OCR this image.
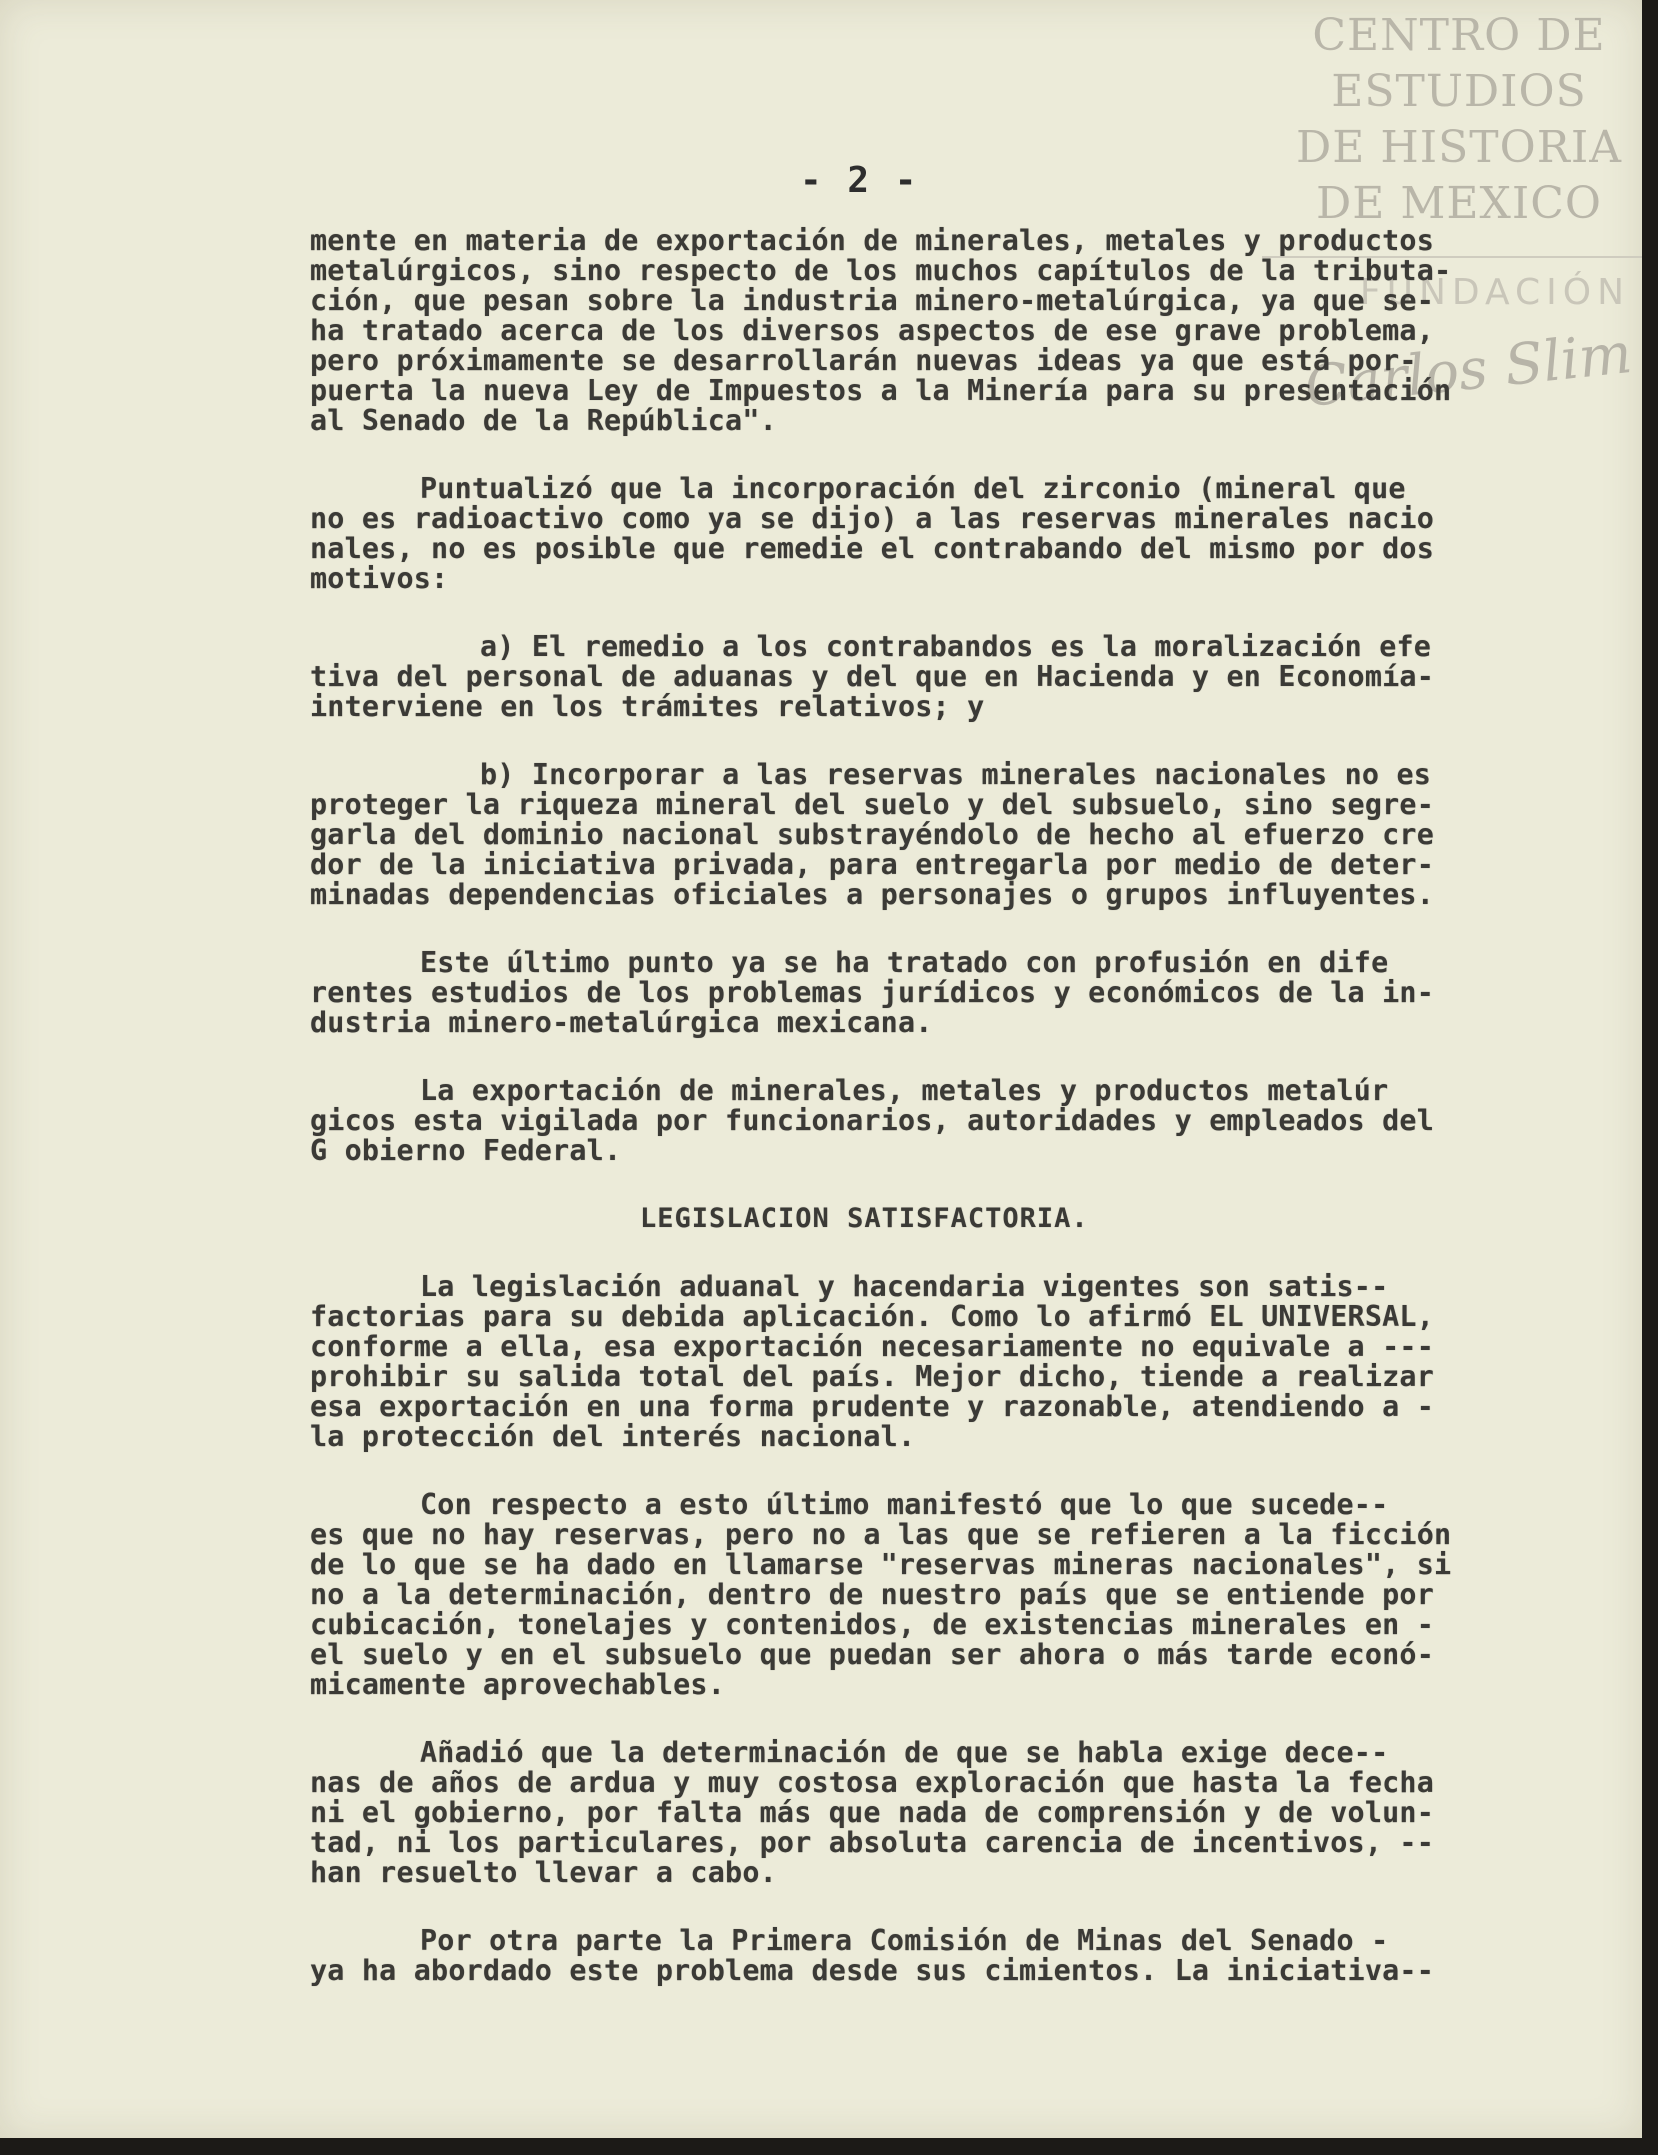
CENTRO DE
ESTUDIOS
DE HISTORIA
DE MEXICO
FUNDACIÓN
Carlos Slim
- 2 -
mente en materia de exportación de minerales, metales y productos
metalúrgicos, sino respecto de los muchos capítulos de la tributa-
ción, que pesan sobre la industria minero-metalúrgica, ya que se-
ha tratado acerca de los diversos aspectos de ese grave problema,
pero próximamente se desarrollarán nuevas ideas ya que está por-
puerta la nueva Ley de Impuestos a la Minería para su presentación
al Senado de la República".
Puntualizó que la incorporación del zirconio (mineral que
no es radioactivo como ya se dijo) a las reservas minerales nacio
nales, no es posible que remedie el contrabando del mismo por dos
motivos:
a) El remedio a los contrabandos es la moralización efe
tiva del personal de aduanas y del que en Hacienda y en Economía-
interviene en los trámites relativos; y
b) Incorporar a las reservas minerales nacionales no es
proteger la riqueza mineral del suelo y del subsuelo, sino segre-
garla del dominio nacional substrayéndolo de hecho al efuerzo cre
dor de la iniciativa privada, para entregarla por medio de deter-
minadas dependencias oficiales a personajes o grupos influyentes.
Este último punto ya se ha tratado con profusión en dife
rentes estudios de los problemas jurídicos y económicos de la in-
dustria minero-metalúrgica mexicana.
La exportación de minerales, metales y productos metalúr
gicos esta vigilada por funcionarios, autoridades y empleados del
G obierno Federal.
LEGISLACION SATISFACTORIA.
La legislación aduanal y hacendaria vigentes son satis--
factorias para su debida aplicación. Como lo afirmó EL UNIVERSAL,
conforme a ella, esa exportación necesariamente no equivale a ---
prohibir su salida total del país. Mejor dicho, tiende a realizar
esa exportación en una forma prudente y razonable, atendiendo a -
la protección del interés nacional.
Con respecto a esto último manifestó que lo que sucede--
es que no hay reservas, pero no a las que se refieren a la ficción
de lo que se ha dado en llamarse "reservas mineras nacionales", si
no a la determinación, dentro de nuestro país que se entiende por
cubicación, tonelajes y contenidos, de existencias minerales en -
el suelo y en el subsuelo que puedan ser ahora o más tarde econó-
micamente aprovechables.
Añadió que la determinación de que se habla exige dece--
nas de años de ardua y muy costosa exploración que hasta la fecha
ni el gobierno, por falta más que nada de comprensión y de volun-
tad, ni los particulares, por absoluta carencia de incentivos, --
han resuelto llevar a cabo.
Por otra parte la Primera Comisión de Minas del Senado -
ya ha abordado este problema desde sus cimientos. La iniciativa--
